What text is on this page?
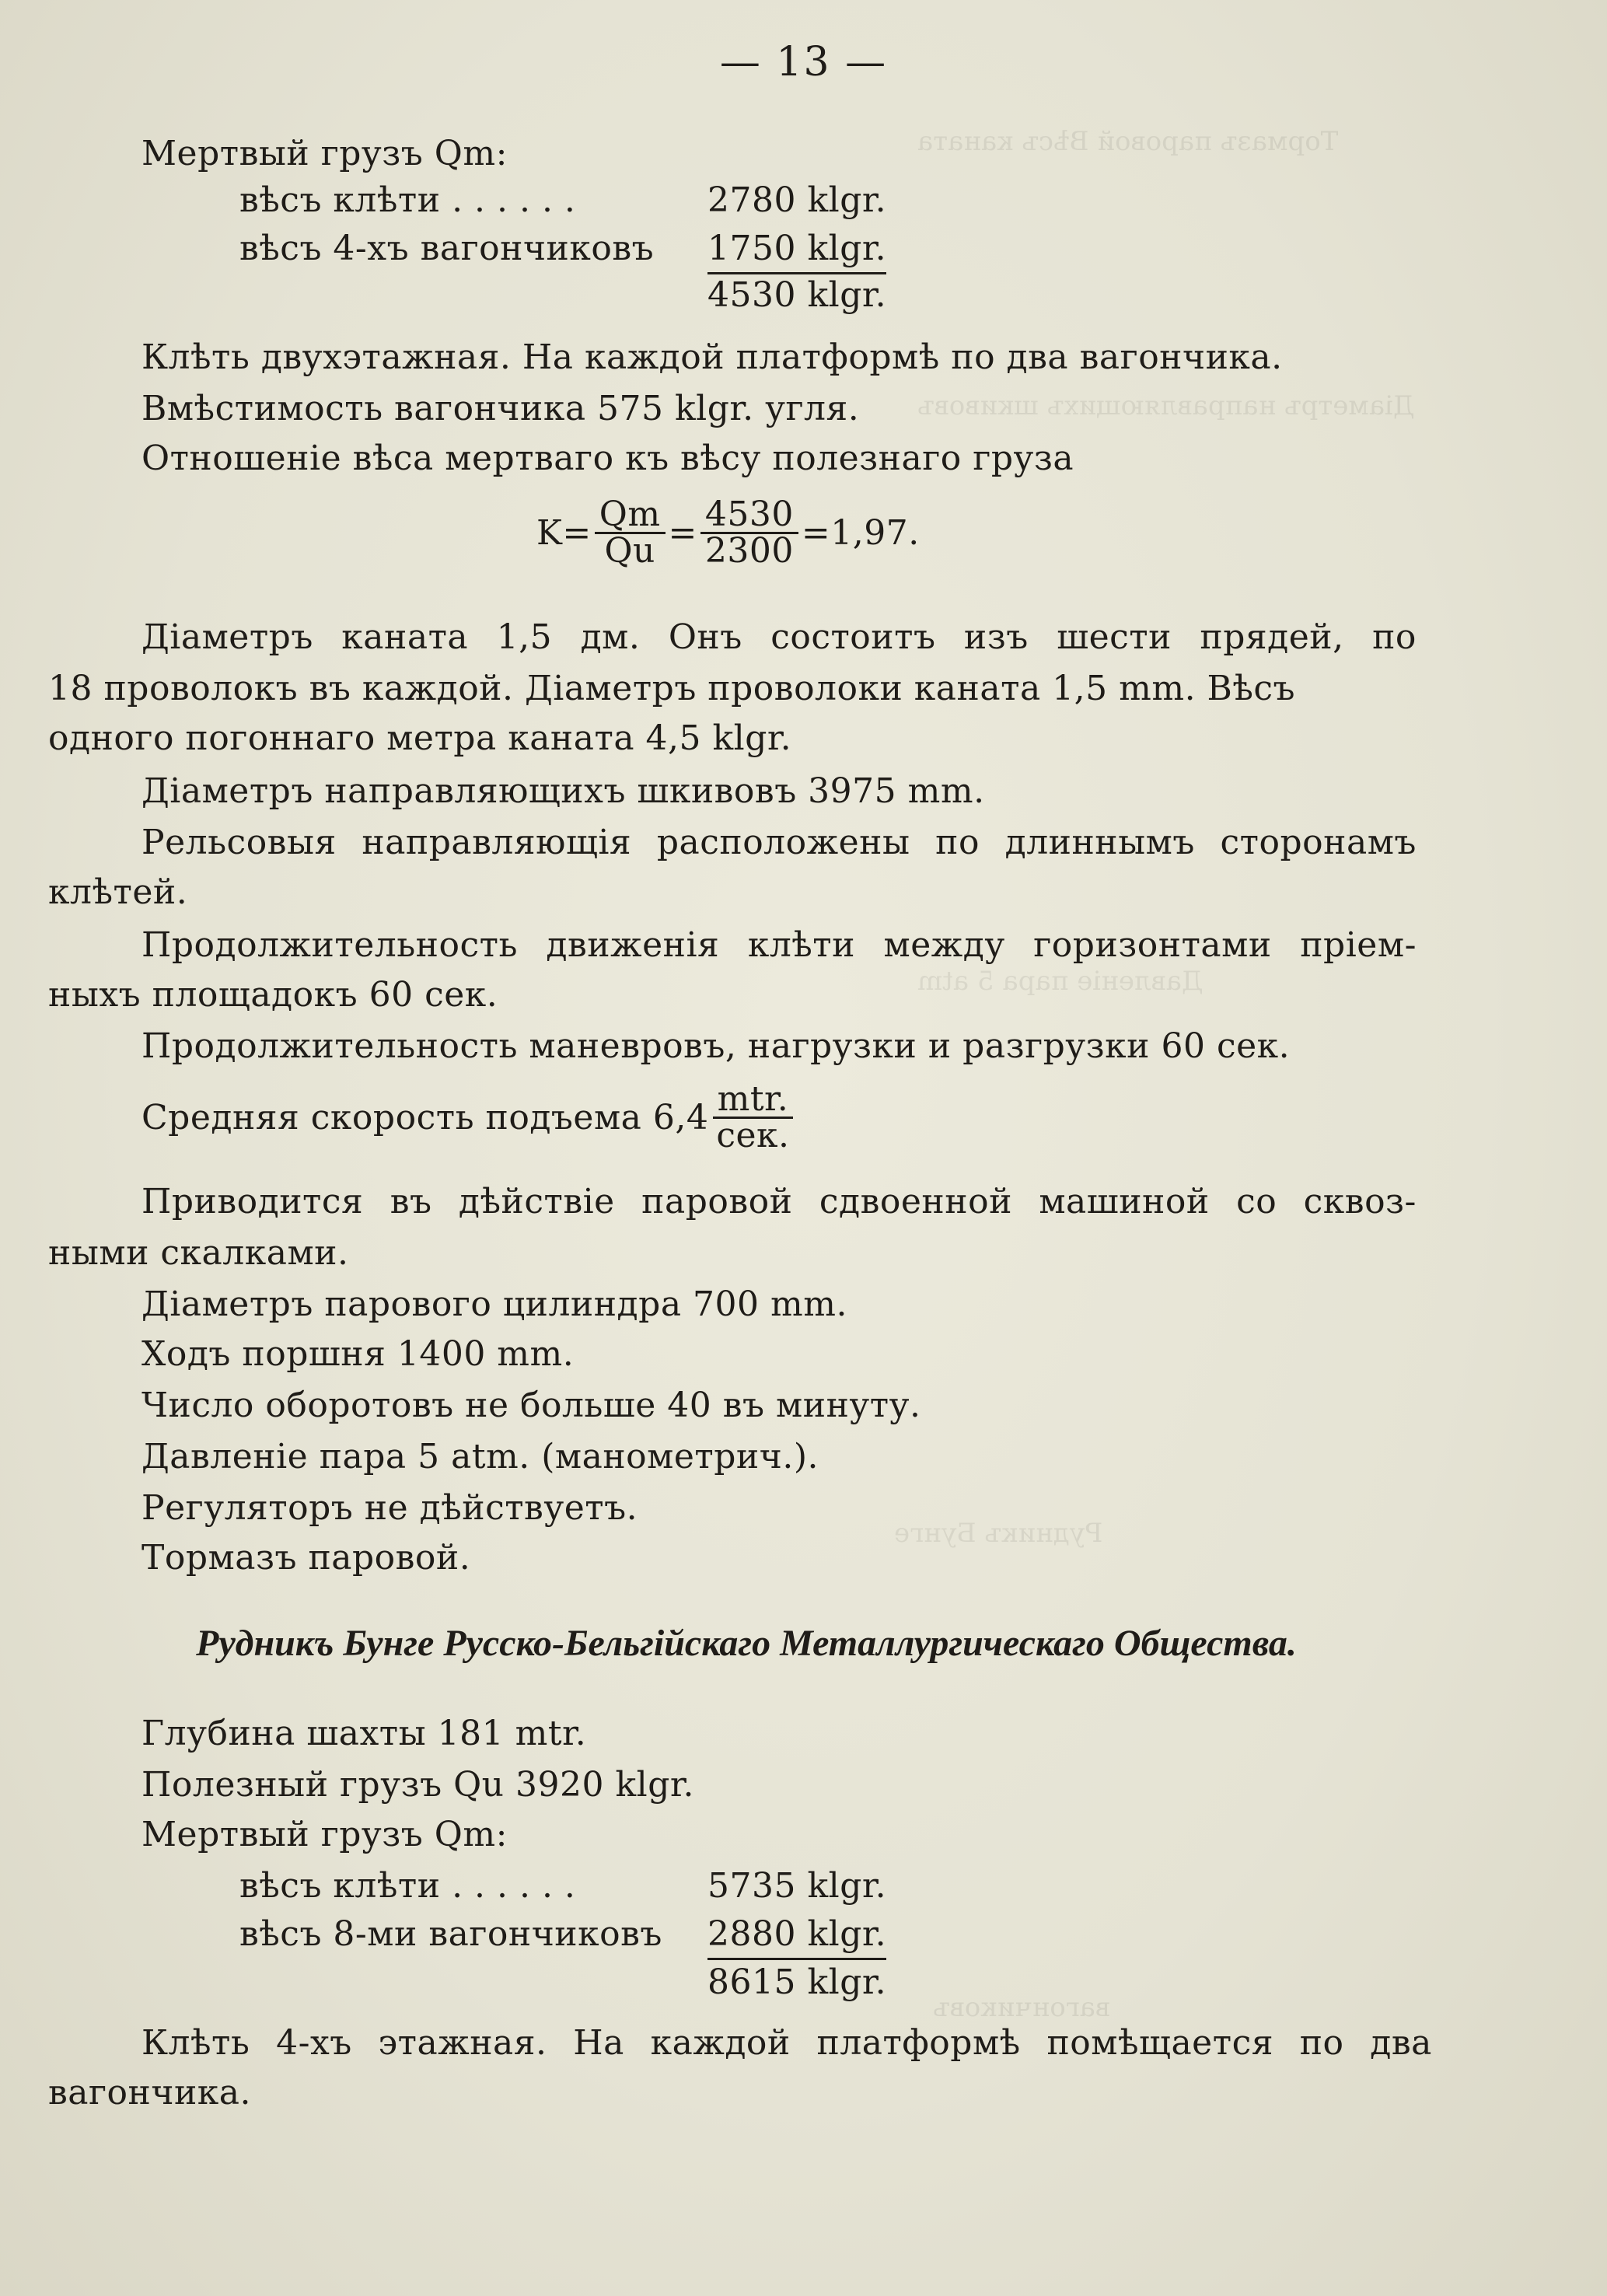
Тормазъ паровой Вѣсъ каната
Діаметръ направляющихъ шкивовъ
Давленіе пара 5 atm
Рудникъ Бунге
вагончиковъ
— 13 —
Мертвый грузъ Qm:
вѣсъ клѣти . . . . . .	2780 klgr.
вѣсъ 4-хъ вагончиковъ 1750 klgr.
4530 klgr.
Клѣть двухэтажная. На каждой платформѣ по два вагончика.
Вмѣстимость вагончика 575 klgr. угля.
Отношеніе вѣса мертваго къ вѣсу полезнаго груза
$K= \frac{Qm}{Qu} = \frac{4530}{2300} =1,97$.
Діаметръ каната 1,5 дм. Онъ состоитъ изъ шести прядей, по
18 проволокъ въ каждой. Діаметръ проволоки каната 1,5 mm. Вѣсъ
одного погоннаго метра каната 4,5 klgr.
Діаметръ направляющихъ шкивовъ 3975 mm.
Рельсовыя направляющія расположены по длиннымъ сторонамъ
клѣтей.
Продолжительность движенія клѣти между горизонтами пріем-
ныхъ площадокъ 60 сек.
Продолжительность маневровъ, нагрузки и разгрузки 60 сек.
Средняя скорость подъема $6,4 \frac{\text{mtr.}}{\text{сек.}}$
Приводится въ дѣйствіе паровой сдвоенной машиной со сквоз-
ными скалками.
Діаметръ парового цилиндра 700 mm.
Ходъ поршня 1400 mm.
Число оборотовъ не больше 40 въ минуту.
Давленіе пара 5 atm. (манометрич.).
Регуляторъ не дѣйствуетъ.
Тормазъ паровой.
Рудникъ Бунге Русско-Бельгійскаго Металлургическаго Общества.
Глубина шахты 181 mtr.
Полезный грузъ Qu 3920 klgr.
Мертвый грузъ Qm:
вѣсъ клѣти . . . . . .	5735 klgr.
вѣсъ 8-ми вагончиковъ 2880 klgr.
8615 klgr.
Клѣть 4-хъ этажная. На каждой платформѣ помѣщается по два
вагончика.
